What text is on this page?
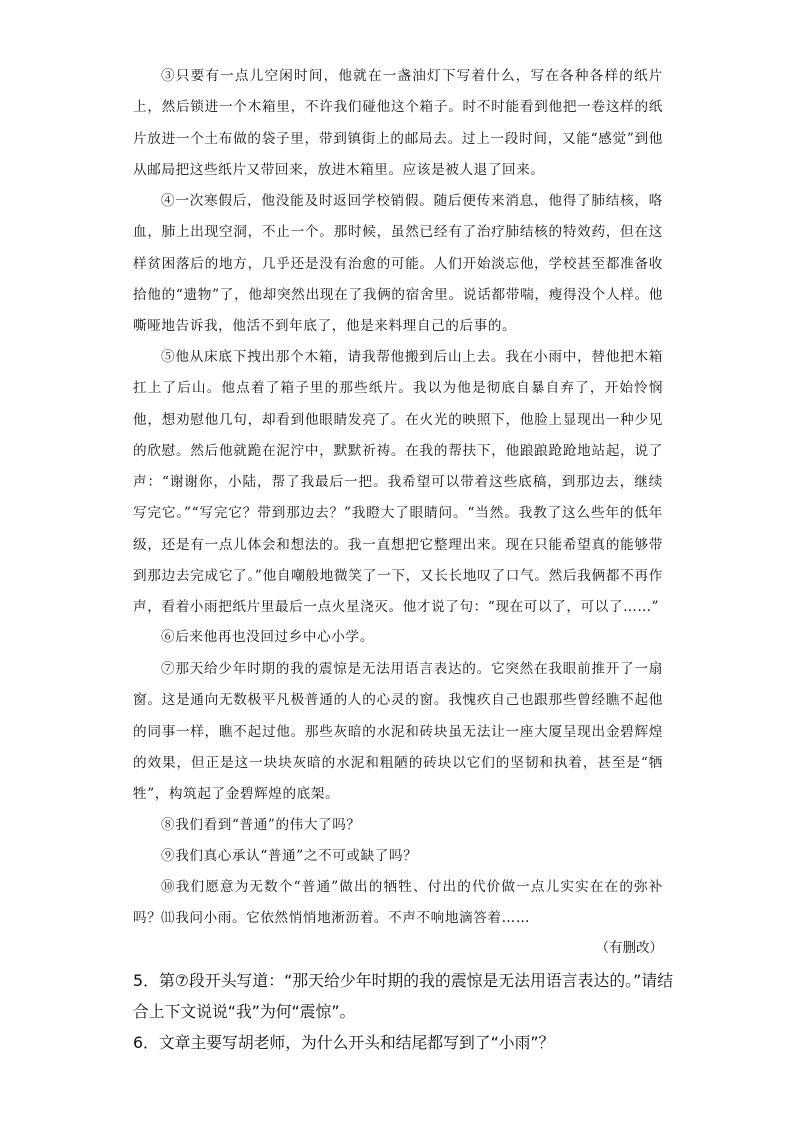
③只要有一点儿空闲时间，他就在一盏油灯下写着什么，写在各种各样的纸片上，然后锁进一个木箱里，不许我们碰他这个箱子。时不时能看到他把一卷这样的纸片放进一个土布做的袋子里，带到镇街上的邮局去。过上一段时间，又能“感觉”到他从邮局把这些纸片又带回来，放进木箱里。应该是被人退了回来。

④一次寒假后，他没能及时返回学校销假。随后便传来消息，他得了肺结核，咯血，肺上出现空洞，不止一个。那时候，虽然已经有了治疗肺结核的特效药，但在这样贫困落后的地方，几乎还是没有治愈的可能。人们开始淡忘他，学校甚至都准备收拾他的“遗物”了，他却突然出现在了我俩的宿舍里。说话都带喘，瘦得没个人样。他嘶哑地告诉我，他活不到年底了，他是来料理自己的后事的。

⑤他从床底下拽出那个木箱，请我帮他搬到后山上去。我在小雨中，替他把木箱扛上了后山。他点着了箱子里的那些纸片。我以为他是彻底自暴自弃了，开始怜悯他，想劝慰他几句，却看到他眼睛发亮了。在火光的映照下，他脸上显现出一种少见的欣慰。然后他就跪在泥泞中，默默祈祷。在我的帮扶下，他踉踉跄跄地站起，说了声：“谢谢你，小陆，帮了我最后一把。我希望可以带着这些底稿，到那边去，继续写完它。”“写完它？带到那边去？”我瞪大了眼睛问。“当然。我教了这么些年的低年级，还是有一点儿体会和想法的。我一直想把它整理出来。现在只能希望真的能够带到那边去完成它了。”他自嘲般地微笑了一下，又长长地叹了口气。然后我俩都不再作声，看着小雨把纸片里最后一点火星浇灭。他才说了句：“现在可以了，可以了……”

⑥后来他再也没回过乡中心小学。

⑦那天给少年时期的我的震惊是无法用语言表达的。它突然在我眼前推开了一扇窗。这是通向无数极平凡极普通的人的心灵的窗。我愧疚自己也跟那些曾经瞧不起他的同事一样，瞧不起过他。那些灰暗的水泥和砖块虽无法让一座大厦呈现出金碧辉煌的效果，但正是这一块块灰暗的水泥和粗陋的砖块以它们的坚韧和执着，甚至是“牺牲”，构筑起了金碧辉煌的底架。

⑧我们看到“普通”的伟大了吗？

⑨我们真心承认“普通”之不可或缺了吗？

⑩我们愿意为无数个“普通”做出的牺牲、付出的代价做一点儿实实在在的弥补吗？ ⑾我问小雨。它依然悄悄地淅沥着。不声不响地滴答着……

（有删改）

5．第⑦段开头写道：“那天给少年时期的我的震惊是无法用语言表达的。”请结合上下文说说“我”为何“震惊”。

6．文章主要写胡老师，为什么开头和结尾都写到了“小雨”？
